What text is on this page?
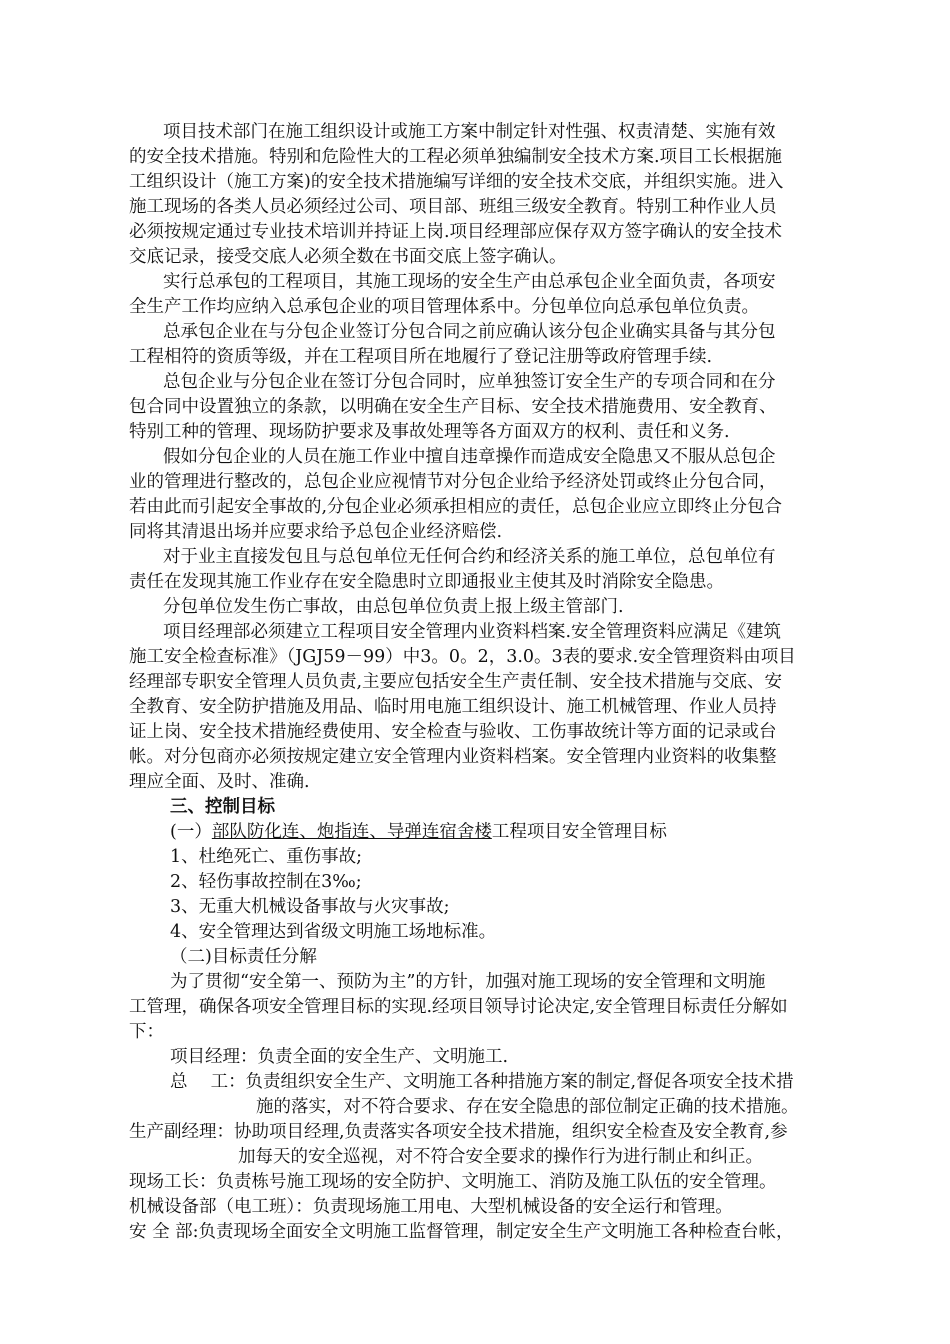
项目技术部门在施工组织设计或施工方案中制定针对性强、权责清楚、实施有效
的安全技术措施。特别和危险性大的工程必须单独编制安全技术方案.项目工长根据施
工组织设计（施工方案)的安全技术措施编写详细的安全技术交底，并组织实施。进入
施工现场的各类人员必须经过公司、项目部、班组三级安全教育。特别工种作业人员
必须按规定通过专业技术培训并持证上岗.项目经理部应保存双方签字确认的安全技术
交底记录，接受交底人必须全数在书面交底上签字确认。
实行总承包的工程项目，其施工现场的安全生产由总承包企业全面负责，各项安
全生产工作均应纳入总承包企业的项目管理体系中。分包单位向总承包单位负责。
总承包企业在与分包企业签订分包合同之前应确认该分包企业确实具备与其分包
工程相符的资质等级，并在工程项目所在地履行了登记注册等政府管理手续.
总包企业与分包企业在签订分包合同时，应单独签订安全生产的专项合同和在分
包合同中设置独立的条款，以明确在安全生产目标、安全技术措施费用、安全教育、
特别工种的管理、现场防护要求及事故处理等各方面双方的权利、责任和义务.
假如分包企业的人员在施工作业中擅自违章操作而造成安全隐患又不服从总包企
业的管理进行整改的，总包企业应视情节对分包企业给予经济处罚或终止分包合同，
若由此而引起安全事故的,分包企业必须承担相应的责任，总包企业应立即终止分包合
同将其清退出场并应要求给予总包企业经济赔偿.
对于业主直接发包且与总包单位无任何合约和经济关系的施工单位，总包单位有
责任在发现其施工作业存在安全隐患时立即通报业主使其及时消除安全隐患。
分包单位发生伤亡事故，由总包单位负责上报上级主管部门.
项目经理部必须建立工程项目安全管理内业资料档案.安全管理资料应满足《建筑
施工安全检查标准》（JGJ59－99）中3。0。2，3.0。3表的要求.安全管理资料由项目
经理部专职安全管理人员负责,主要应包括安全生产责任制、安全技术措施与交底、安
全教育、安全防护措施及用品、临时用电施工组织设计、施工机械管理、作业人员持
证上岗、安全技术措施经费使用、安全检查与验收、工伤事故统计等方面的记录或台
帐。对分包商亦必须按规定建立安全管理内业资料档案。安全管理内业资料的收集整
理应全面、及时、准确.
三、控制目标
(一）部队防化连、炮指连、导弹连宿舍楼工程项目安全管理目标
1、杜绝死亡、重伤事故;
2、轻伤事故控制在3‰;
3、无重大机械设备事故与火灾事故;
4、安全管理达到省级文明施工场地标准。
（二)目标责任分解
为了贯彻“安全第一、预防为主”的方针，加强对施工现场的安全管理和文明施
工管理，确保各项安全管理目标的实现.经项目领导讨论决定,安全管理目标责任分解如
下：
项目经理：负责全面的安全生产、文明施工.
总　 工：负责组织安全生产、文明施工各种措施方案的制定,督促各项安全技术措
施的落实，对不符合要求、存在安全隐患的部位制定正确的技术措施。
生产副经理：协助项目经理,负责落实各项安全技术措施，组织安全检查及安全教育,参
加每天的安全巡视，对不符合安全要求的操作行为进行制止和纠正。
现场工长：负责栋号施工现场的安全防护、文明施工、消防及施工队伍的安全管理。
机械设备部（电工班）：负责现场施工用电、大型机械设备的安全运行和管理。
安 全 部:负责现场全面安全文明施工监督管理，制定安全生产文明施工各种检查台帐，
